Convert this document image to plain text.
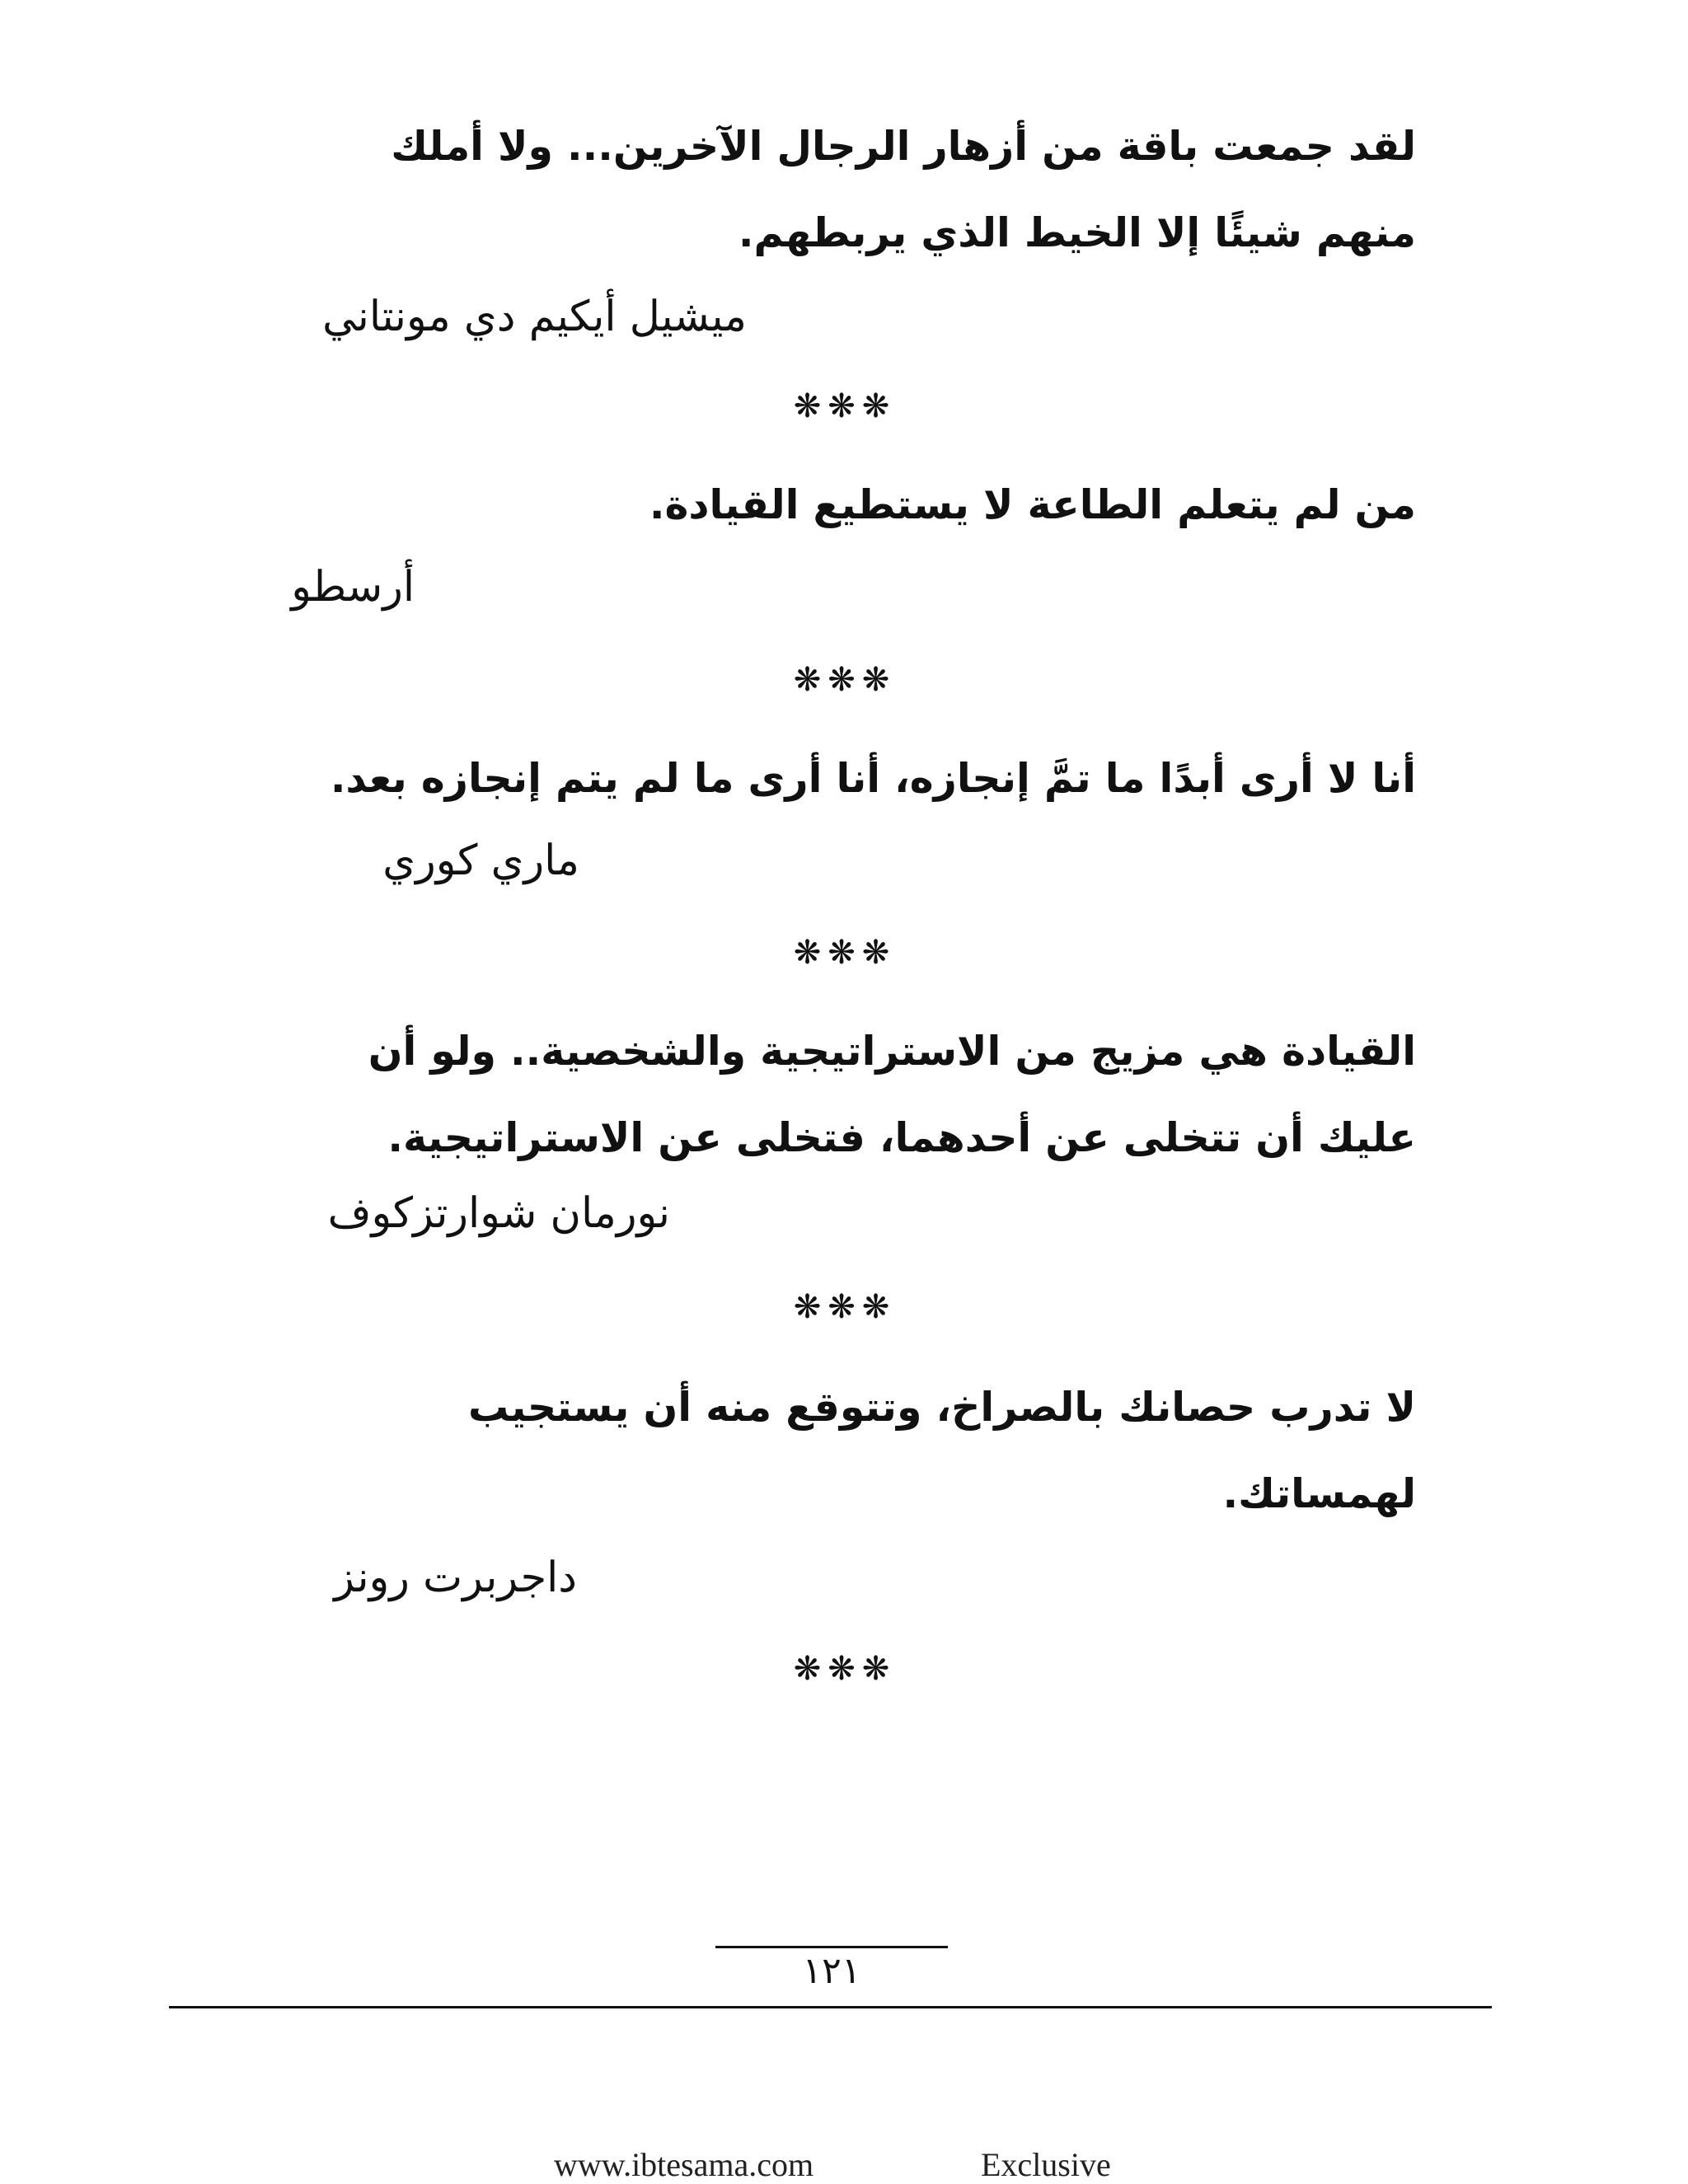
لقد جمعت باقة من أزهار الرجال الآخرين... ولا أملك
منهم شيئًا إلا الخيط الذي يربطهم.
ميشيل أيكيم دي مونتاني
❋❋❋
من لم يتعلم الطاعة لا يستطيع القيادة.
أرسطو
❋❋❋
أنا لا أرى أبدًا ما تمَّ إنجازه، أنا أرى ما لم يتم إنجازه بعد.
ماري كوري
❋❋❋
القيادة هي مزيج من الاستراتيجية والشخصية.. ولو أن
عليك أن تتخلى عن أحدهما، فتخلى عن الاستراتيجية.
نورمان شوارتزكوف
❋❋❋
لا تدرب حصانك بالصراخ، وتتوقع منه أن يستجيب
لهمساتك.
داجربرت رونز
❋❋❋
١٢١
www.ibtesama.com	Exclusive
